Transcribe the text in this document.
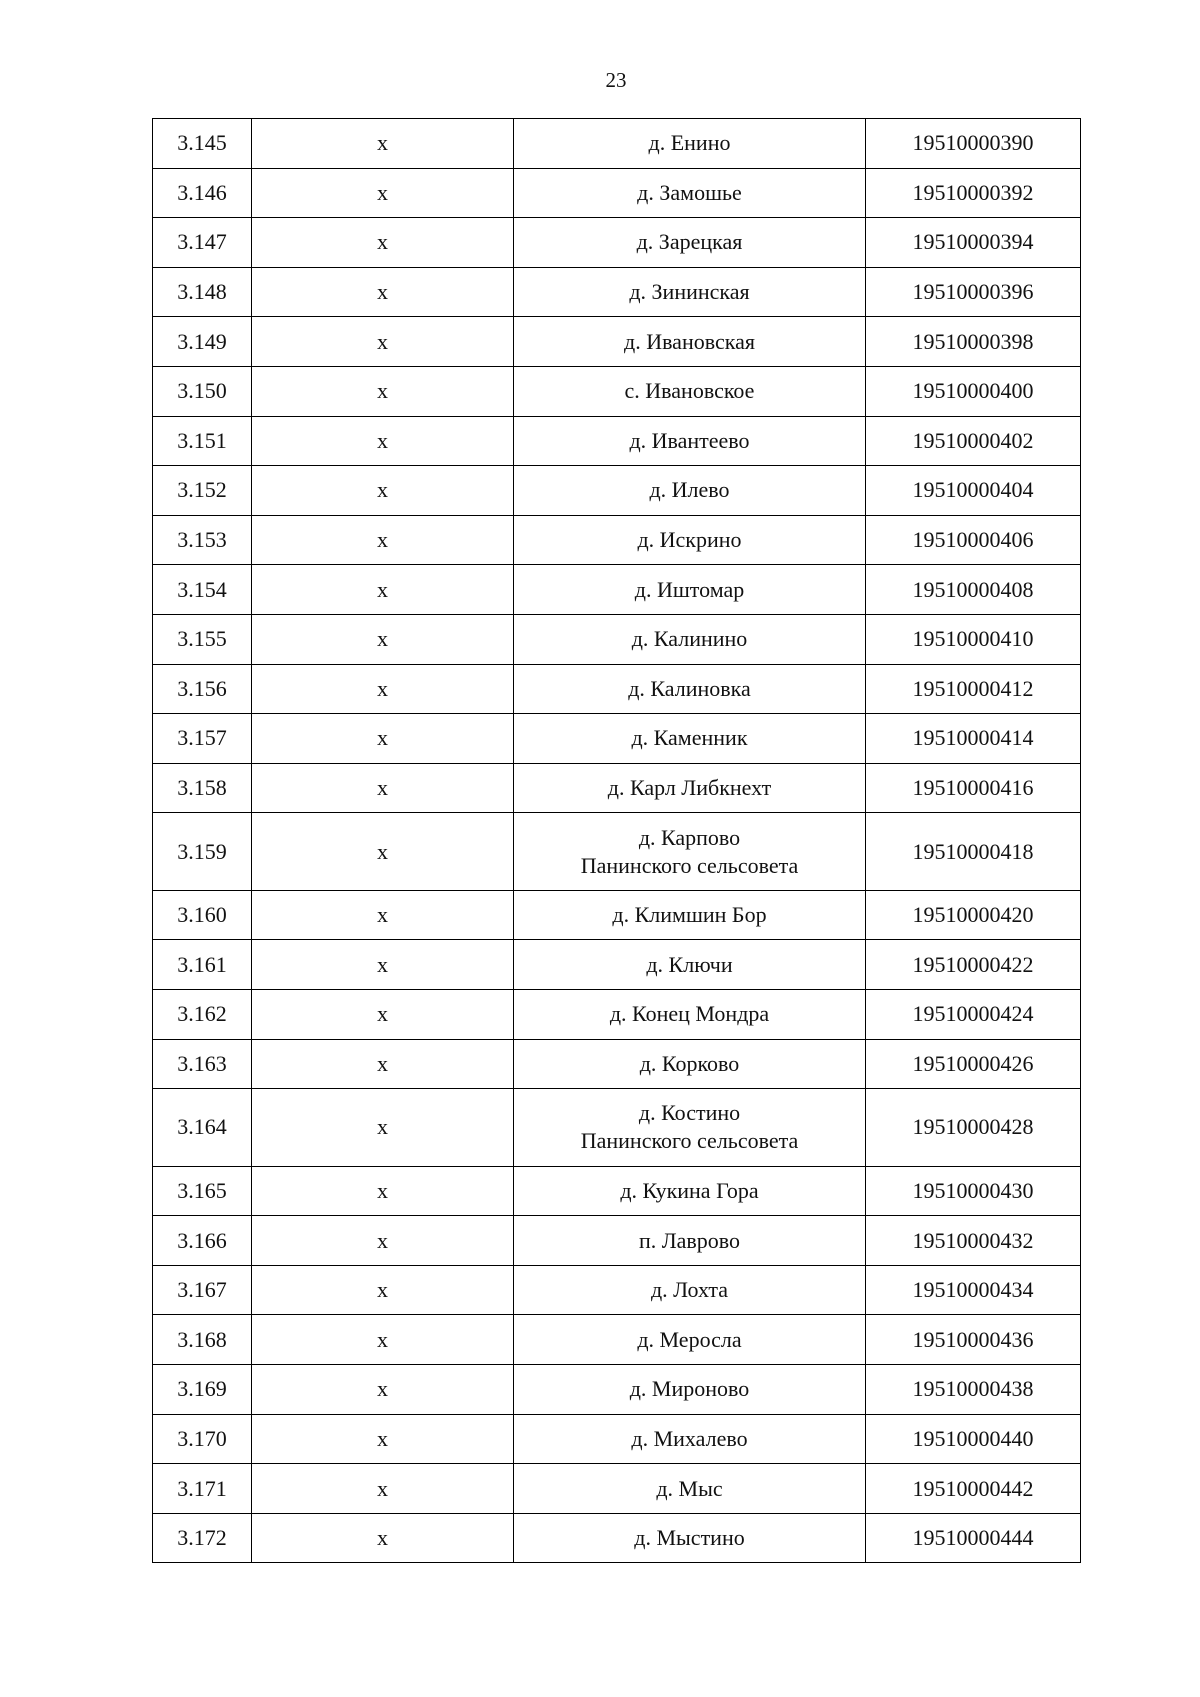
23
3.145	х	д. Енино	19510000390
3.146	х	д. Замошье	19510000392
3.147	х	д. Зарецкая	19510000394
3.148	х	д. Зининская	19510000396
3.149	х	д. Ивановская	19510000398
3.150	х	с. Ивановское	19510000400
3.151	х	д. Ивантеево	19510000402
3.152	х	д. Илево	19510000404
3.153	х	д. Искрино	19510000406
3.154	х	д. Иштомар	19510000408
3.155	х	д. Калинино	19510000410
3.156	х	д. Калиновка	19510000412
3.157	х	д. Каменник	19510000414
3.158	х	д. Карл Либкнехт	19510000416
3.159	х	д. Карпово
Панинского сельсовета	19510000418
3.160	х	д. Климшин Бор	19510000420
3.161	х	д. Ключи	19510000422
3.162	х	д. Конец Мондра	19510000424
3.163	х	д. Корково	19510000426
3.164	х	д. Костино
Панинского сельсовета	19510000428
3.165	х	д. Кукина Гора	19510000430
3.166	х	п. Лаврово	19510000432
3.167	х	д. Лохта	19510000434
3.168	х	д. Меросла	19510000436
3.169	х	д. Мироново	19510000438
3.170	х	д. Михалево	19510000440
3.171	х	д. Мыс	19510000442
3.172	х	д. Мыстино	19510000444
